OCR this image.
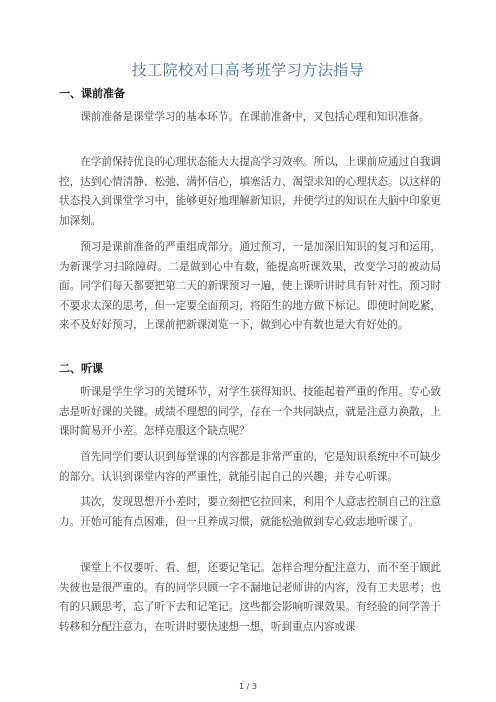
技工院校对口高考班学习方法指导
一、课前准备

课前准备是课堂学习的基本环节。在课前准备中，又包括心理和知识准备。

在学前保持优良的心理状态能大大提高学习效率。所以，上课前应通过自我调控，达到心情清静、松弛、满怀信心，填塞活力、渴望求知的心理状态。以这样的状态投入到课堂学习中，能够更好地理解新知识，并使学过的知识在大脑中印象更加深刻。

预习是课前准备的严重组成部分。通过预习，一是加深旧知识的复习和运用，为新课学习扫除障碍。二是做到心中有数，能提高听课效果，改变学习的被动局面。同学们每天都要把第二天的新课预习一遍，使上课听讲时具有针对性。预习时不要求太深的思考，但一定要全面预习，将陌生的地方做下标记。即使时间吃紧，来不及好好预习，上课前把新课浏览一下，做到心中有数也是大有好处的。

二、听课

听课是学生学习的关键环节，对学生获得知识、技能起着严重的作用。专心致志是听好课的关键。成绩不理想的同学，存在一个共同缺点，就是注意力涣散，上课时简易开小差。怎样克服这个缺点呢？

首先同学们要认识到每堂课的内容都是非常严重的，它是知识系统中不可缺少的部分。认识到课堂内容的严重性，就能引起自己的兴趣，并专心听课。

其次，发现思想开小差时，要立刻把它拉回来，利用个人意志控制自己的注意力。开始可能有点困难，但一旦养成习惯，就能松弛做到专心致志地听课了。

课堂上不仅要听、看、想，还要记笔记。怎样合理分配注意力，而不至于顾此失彼也是很严重的。有的同学只顾一字不漏地记老师讲的内容，没有工夫思考；也有的只顾思考，忘了听下去和记笔记。这些都会影响听课效果。有经验的同学善于转移和分配注意力，在听讲时要快速想一想，听到重点内容或课

1 / 3
